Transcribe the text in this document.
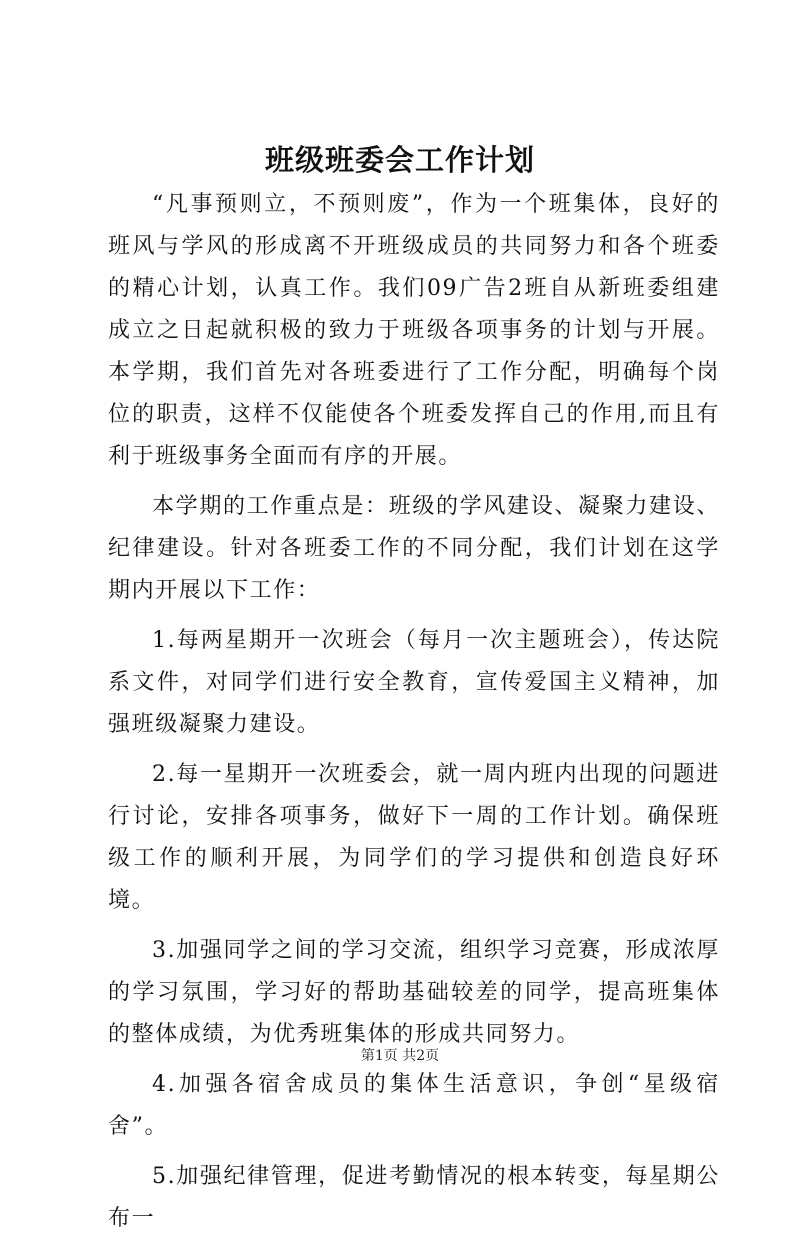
班级班委会工作计划

“凡事预则立，不预则废”，作为一个班集体，良好的班风与学风的形成离不开班级成员的共同努力和各个班委的精心计划，认真工作。我们09广告2班自从新班委组建成立之日起就积极的致力于班级各项事务的计划与开展。本学期，我们首先对各班委进行了工作分配，明确每个岗位的职责，这样不仅能使各个班委发挥自己的作用,而且有利于班级事务全面而有序的开展。

本学期的工作重点是：班级的学风建设、凝聚力建设、纪律建设。针对各班委工作的不同分配，我们计划在这学期内开展以下工作：

1.每两星期开一次班会（每月一次主题班会），传达院系文件，对同学们进行安全教育，宣传爱国主义精神，加强班级凝聚力建设。

2.每一星期开一次班委会，就一周内班内出现的问题进行讨论，安排各项事务，做好下一周的工作计划。确保班级工作的顺利开展，为同学们的学习提供和创造良好环境。

3.加强同学之间的学习交流，组织学习竞赛，形成浓厚的学习氛围，学习好的帮助基础较差的同学，提高班集体的整体成绩，为优秀班集体的形成共同努力。

4.加强各宿舍成员的集体生活意识，争创“星级宿舍”。

5.加强纪律管理，促进考勤情况的根本转变，每星期公布一

第1页 共2页
